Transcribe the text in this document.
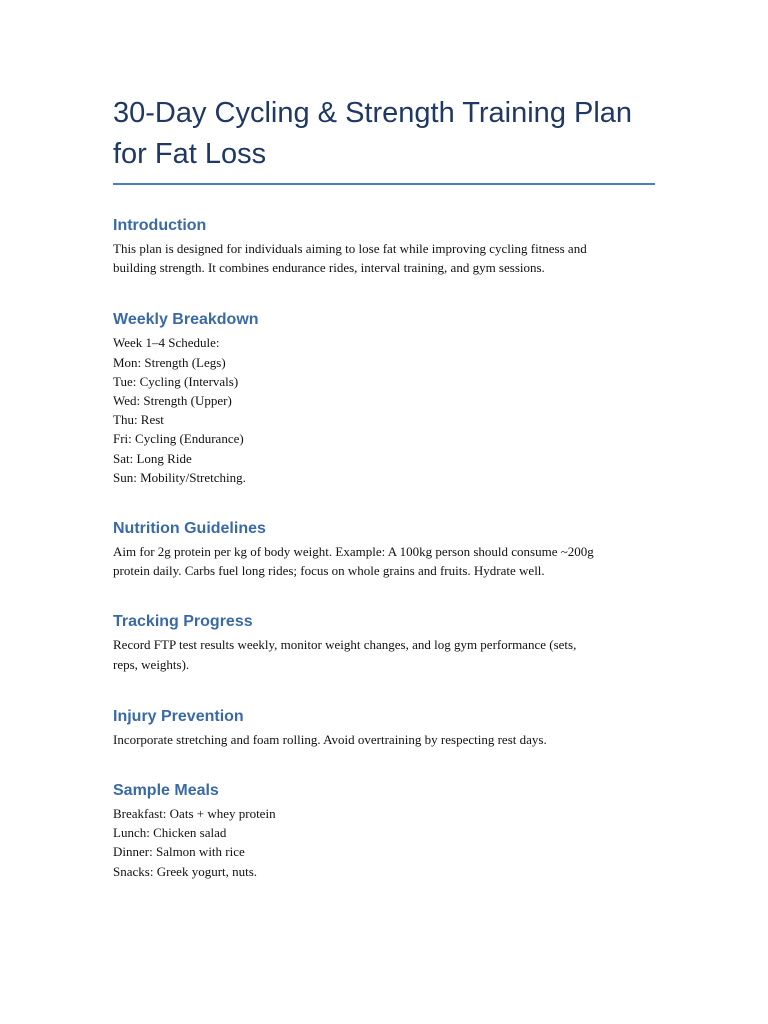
30-Day Cycling & Strength Training Plan for Fat Loss
Introduction
This plan is designed for individuals aiming to lose fat while improving cycling fitness and
building strength. It combines endurance rides, interval training, and gym sessions.
Weekly Breakdown
Week 1–4 Schedule:
Mon: Strength (Legs)
Tue: Cycling (Intervals)
Wed: Strength (Upper)
Thu: Rest
Fri: Cycling (Endurance)
Sat: Long Ride
Sun: Mobility/Stretching.
Nutrition Guidelines
Aim for 2g protein per kg of body weight. Example: A 100kg person should consume ~200g
protein daily. Carbs fuel long rides; focus on whole grains and fruits. Hydrate well.
Tracking Progress
Record FTP test results weekly, monitor weight changes, and log gym performance (sets,
reps, weights).
Injury Prevention
Incorporate stretching and foam rolling. Avoid overtraining by respecting rest days.
Sample Meals
Breakfast: Oats + whey protein
Lunch: Chicken salad
Dinner: Salmon with rice
Snacks: Greek yogurt, nuts.
